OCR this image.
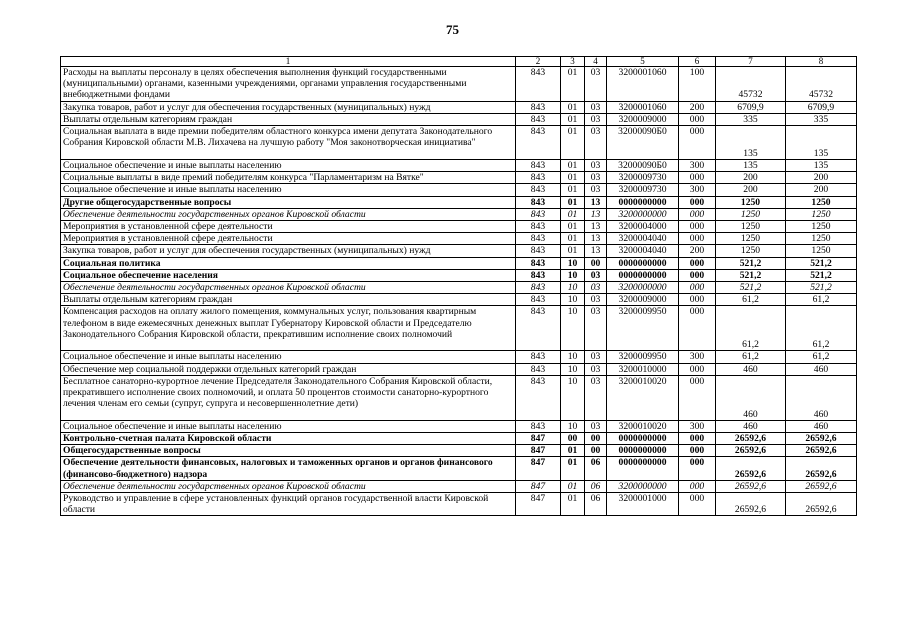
75
1	2	3	4	5	6	7	8
Расходы на выплаты персоналу в целях обеспечения выполнения функций государственными (муниципальными) органами, казенными учреждениями, органами управления государственными внебюджетными фондами	843	01	03	3200001060	100	45732	45732
Закупка товаров, работ и услуг для обеспечения государственных (муниципальных) нужд	843	01	03	3200001060	200	6709,9	6709,9
Выплаты отдельным категориям граждан	843	01	03	3200009000	000	335	335
Социальная выплата в виде премии победителям областного конкурса имени депутата Законодательного Собрания Кировской области М.В. Лихачева на лучшую работу "Моя законотворческая инициатива"	843	01	03	32000090Б0	000	135	135
Социальное обеспечение и иные выплаты населению	843	01	03	32000090Б0	300	135	135
Социальные выплаты в виде премий победителям конкурса "Парламентаризм на Вятке"	843	01	03	3200009730	000	200	200
Социальное обеспечение и иные выплаты населению	843	01	03	3200009730	300	200	200
Другие общегосударственные вопросы	843	01	13	0000000000	000	1250	1250
Обеспечение деятельности государственных органов Кировской области	843	01	13	3200000000	000	1250	1250
Мероприятия в установленной сфере деятельности	843	01	13	3200004000	000	1250	1250
Мероприятия в установленной сфере деятельности	843	01	13	3200004040	000	1250	1250
Закупка товаров, работ и услуг для обеспечения государственных (муниципальных) нужд	843	01	13	3200004040	200	1250	1250
Социальная политика	843	10	00	0000000000	000	521,2	521,2
Социальное обеспечение населения	843	10	03	0000000000	000	521,2	521,2
Обеспечение деятельности государственных органов Кировской области	843	10	03	3200000000	000	521,2	521,2
Выплаты отдельным категориям граждан	843	10	03	3200009000	000	61,2	61,2
Компенсация расходов на оплату жилого помещения, коммунальных услуг, пользования квартирным телефоном в виде ежемесячных денежных выплат Губернатору Кировской области и Председателю Законодательного Собрания Кировской области, прекратившим исполнение своих полномочий	843	10	03	3200009950	000	61,2	61,2
Социальное обеспечение и иные выплаты населению	843	10	03	3200009950	300	61,2	61,2
Обеспечение мер социальной поддержки отдельных категорий граждан	843	10	03	3200010000	000	460	460
Бесплатное санаторно-курортное лечение Председателя Законодательного Собрания Кировской области, прекратившего исполнение своих полномочий, и оплата 50 процентов стоимости санаторно-курортного лечения членам его семьи (супруг, супруга и несовершеннолетние дети)	843	10	03	3200010020	000	460	460
Социальное обеспечение и иные выплаты населению	843	10	03	3200010020	300	460	460
Контрольно-счетная палата Кировской области	847	00	00	0000000000	000	26592,6	26592,6
Общегосударственные вопросы	847	01	00	0000000000	000	26592,6	26592,6
Обеспечение деятельности финансовых, налоговых и таможенных органов и органов финансового (финансово-бюджетного) надзора	847	01	06	0000000000	000	26592,6	26592,6
Обеспечение деятельности государственных органов Кировской области	847	01	06	3200000000	000	26592,6	26592,6
Руководство и управление в сфере установленных функций органов государственной власти Кировской области	847	01	06	3200001000	000	26592,6	26592,6
